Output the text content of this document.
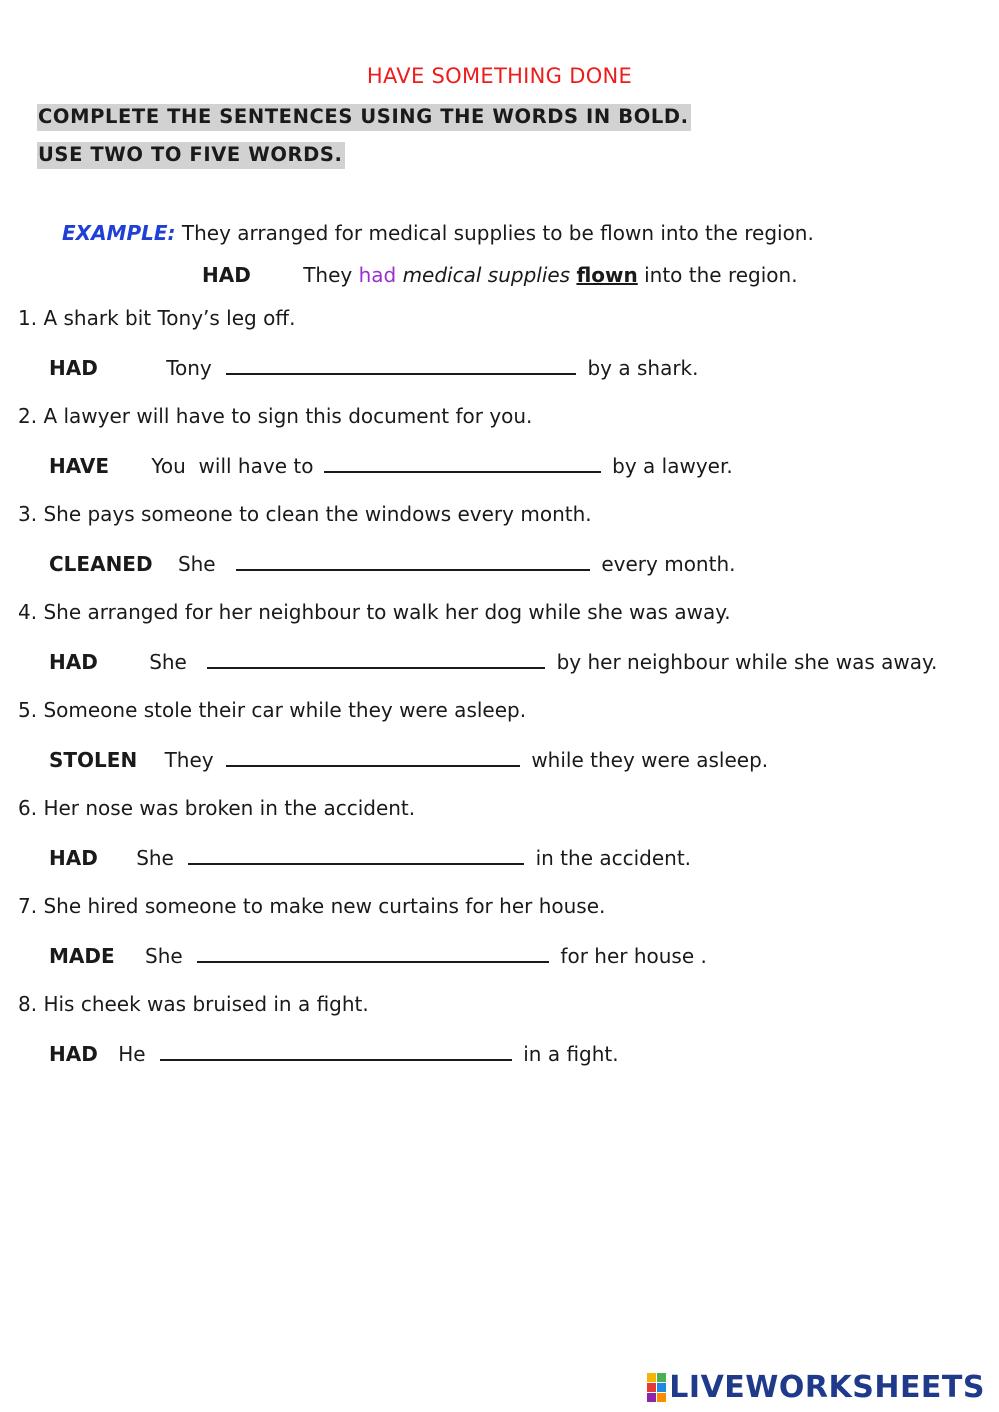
HAVE SOMETHING DONE
COMPLETE THE SENTENCES USING THE WORDS IN BOLD.
USE TWO TO FIVE WORDS.
EXAMPLE: They arranged for medical supplies to be flown into the region.
HAD	They had medical supplies flown into the region.
1. A shark bit Tony’s leg off.
HAD	Tony	by a shark.
2. A lawyer will have to sign this document for you.
HAVE You  will have to	by a lawyer.
3. She pays someone to clean the windows every month.
CLEANED She	every month.
4. She arranged for her neighbour to walk her dog while she was away.
HAD	She	by her neighbour while she was away.
5. Someone stole their car while they were asleep.
STOLEN They	while they were asleep.
6. Her nose was broken in the accident.
HAD She	in the accident.
7. She hired someone to make new curtains for her house.
MADE She	for her house .
8. His cheek was bruised in a fight.
HAD He	in a fight.
LIVEWORKSHEETS
